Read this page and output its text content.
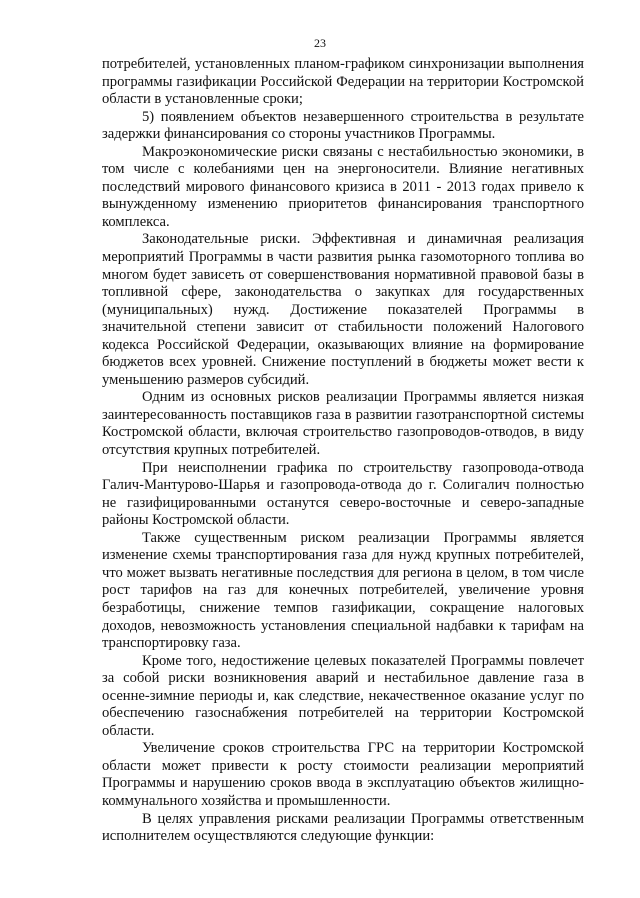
23

потребителей, установленных планом-графиком синхронизации выполнения программы газификации Российской Федерации на территории Костромской области в установленные сроки;

5) появлением объектов незавершенного строительства в результате задержки финансирования со стороны участников Программы.

Макроэкономические риски связаны с нестабильностью экономики, в том числе с колебаниями цен на энергоносители. Влияние негативных последствий мирового финансового кризиса в 2011 - 2013 годах привело к вынужденному изменению приоритетов финансирования транспортного комплекса.

Законодательные риски. Эффективная и динамичная реализация мероприятий Программы в части развития рынка газомоторного топлива во многом будет зависеть от совершенствования нормативной правовой базы в топливной сфере, законодательства о закупках для государственных (муниципальных) нужд. Достижение показателей Программы в значительной степени зависит от стабильности положений Налогового кодекса Российской Федерации, оказывающих влияние на формирование бюджетов всех уровней. Снижение поступлений в бюджеты может вести к уменьшению размеров субсидий.

Одним из основных рисков реализации Программы является низкая заинтересованность поставщиков газа в развитии газотранспортной системы Костромской области, включая строительство газопроводов-отводов, в виду отсутствия крупных потребителей.

При неисполнении графика по строительству газопровода-отвода Галич-Мантурово-Шарья и газопровода-отвода до г. Солигалич полностью не газифицированными останутся северо-восточные и северо-западные районы Костромской области.

Также существенным риском реализации Программы является изменение схемы транспортирования газа для нужд крупных потребителей, что может вызвать негативные последствия для региона в целом, в том числе рост тарифов на газ для конечных потребителей, увеличение уровня безработицы, снижение темпов газификации, сокращение налоговых доходов, невозможность установления специальной надбавки к тарифам на транспортировку газа.

Кроме того, недостижение целевых показателей Программы повлечет за собой риски возникновения аварий и нестабильное давление газа в осенне-зимние периоды и, как следствие, некачественное оказание услуг по обеспечению газоснабжения потребителей на территории Костромской области.

Увеличение сроков строительства ГРС на территории Костромской области может привести к росту стоимости реализации мероприятий Программы и нарушению сроков ввода в эксплуатацию объектов жилищно-коммунального хозяйства и промышленности.

В целях управления рисками реализации Программы ответственным исполнителем осуществляются следующие функции:
